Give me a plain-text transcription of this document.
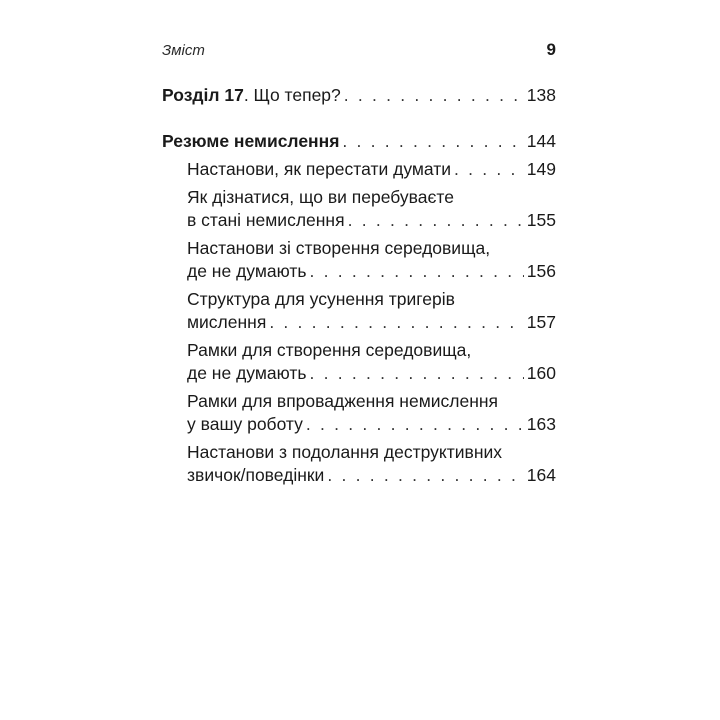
Зміст	9
Розділ 17. Що тепер? . . .	138
Резюме немислення . . .	144
Настанови, як перестати думати . . .	149
Як дізнатися, що ви перебуваєте
в стані немислення . . .	155
Настанови зі створення середовища,
де не думають . . .	156
Структура для усунення тригерів
мислення . . .	157
Рамки для створення середовища,
де не думають . . .	160
Рамки для впровадження немислення
у вашу роботу . . .	163
Настанови з подолання деструктивних
звичок/поведінки . . .	164
